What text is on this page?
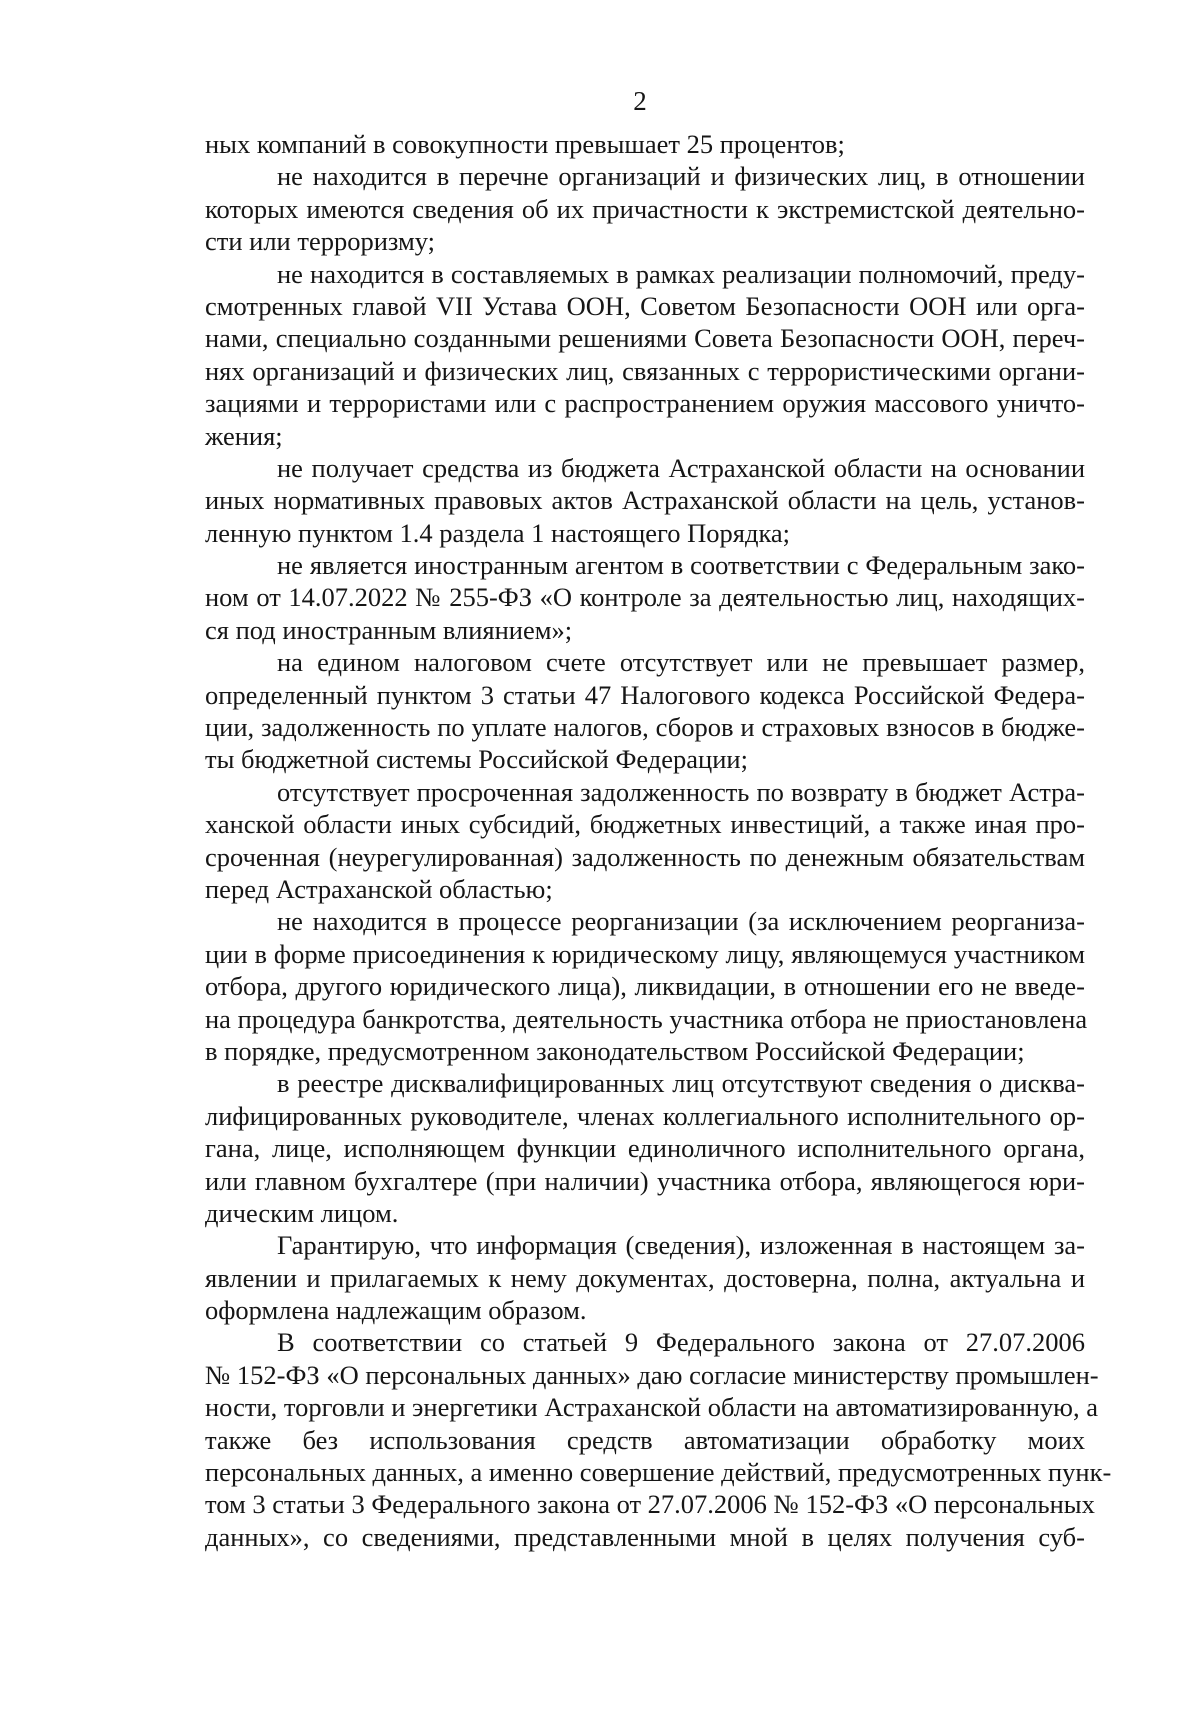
2
ных компаний в совокупности превышает 25 процентов;
не находится в перечне организаций и физических лиц, в отношении
которых имеются сведения об их причастности к экстремистской деятельно-
сти или терроризму;
не находится в составляемых в рамках реализации полномочий, преду-
смотренных главой VII Устава ООН, Советом Безопасности ООН или орга-
нами, специально созданными решениями Совета Безопасности ООН, переч-
нях организаций и физических лиц, связанных с террористическими органи-
зациями и террористами или с распространением оружия массового уничто-
жения;
не получает средства из бюджета Астраханской области на основании
иных нормативных правовых актов Астраханской области на цель, установ-
ленную пунктом 1.4 раздела 1 настоящего Порядка;
не является иностранным агентом в соответствии с Федеральным зако-
ном от 14.07.2022 № 255-ФЗ «О контроле за деятельностью лиц, находящих-
ся под иностранным влиянием»;
на едином налоговом счете отсутствует или не превышает размер,
определенный пунктом 3 статьи 47 Налогового кодекса Российской Федера-
ции, задолженность по уплате налогов, сборов и страховых взносов в бюдже-
ты бюджетной системы Российской Федерации;
отсутствует просроченная задолженность по возврату в бюджет Астра-
ханской области иных субсидий, бюджетных инвестиций, а также иная про-
сроченная (неурегулированная) задолженность по денежным обязательствам
перед Астраханской областью;
не находится в процессе реорганизации (за исключением реорганиза-
ции в форме присоединения к юридическому лицу, являющемуся участником
отбора, другого юридического лица), ликвидации, в отношении его не введе-
на процедура банкротства, деятельность участника отбора не приостановлена
в порядке, предусмотренном законодательством Российской Федерации;
в реестре дисквалифицированных лиц отсутствуют сведения о дисква-
лифицированных руководителе, членах коллегиального исполнительного ор-
гана, лице, исполняющем функции единоличного исполнительного органа,
или главном бухгалтере (при наличии) участника отбора, являющегося юри-
дическим лицом.
Гарантирую, что информация (сведения), изложенная в настоящем за-
явлении и прилагаемых к нему документах, достоверна, полна, актуальна и
оформлена надлежащим образом.
В соответствии со статьей 9 Федерального закона от 27.07.2006
№ 152-ФЗ «О персональных данных» даю согласие министерству промышлен-
ности, торговли и энергетики Астраханской области на автоматизированную, а
также без использования средств автоматизации обработку моих
персональных данных, а именно совершение действий, предусмотренных пунк-
том 3 статьи 3 Федерального закона от 27.07.2006 № 152-ФЗ «О персональных
данных», со сведениями, представленными мной в целях получения суб-
